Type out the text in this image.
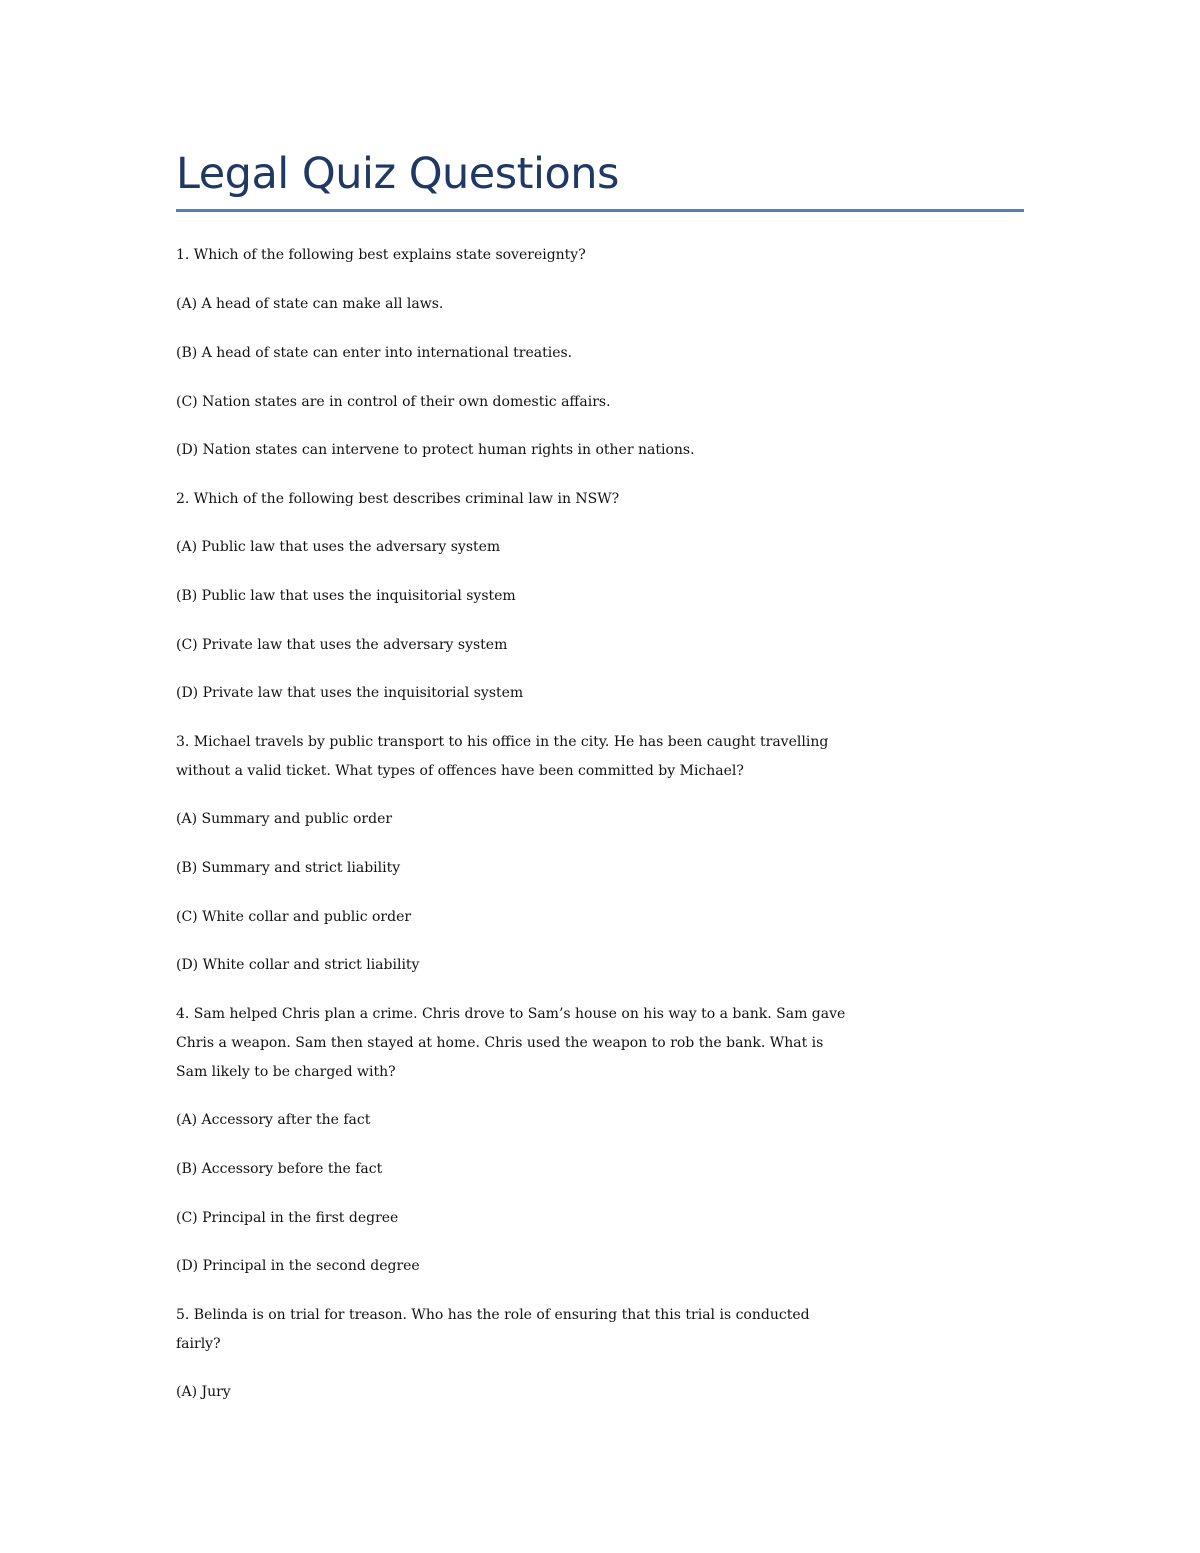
Legal Quiz Questions

1. Which of the following best explains state sovereignty?

(A) A head of state can make all laws.

(B) A head of state can enter into international treaties.

(C) Nation states are in control of their own domestic affairs.

(D) Nation states can intervene to protect human rights in other nations.

2. Which of the following best describes criminal law in NSW?

(A) Public law that uses the adversary system

(B) Public law that uses the inquisitorial system

(C) Private law that uses the adversary system

(D) Private law that uses the inquisitorial system

3. Michael travels by public transport to his office in the city. He has been caught travelling

without a valid ticket. What types of offences have been committed by Michael?

(A) Summary and public order

(B) Summary and strict liability

(C) White collar and public order

(D) White collar and strict liability

4. Sam helped Chris plan a crime. Chris drove to Sam’s house on his way to a bank. Sam gave

Chris a weapon. Sam then stayed at home. Chris used the weapon to rob the bank. What is

Sam likely to be charged with?

(A) Accessory after the fact

(B) Accessory before the fact

(C) Principal in the first degree

(D) Principal in the second degree

5. Belinda is on trial for treason. Who has the role of ensuring that this trial is conducted

fairly?

(A) Jury
